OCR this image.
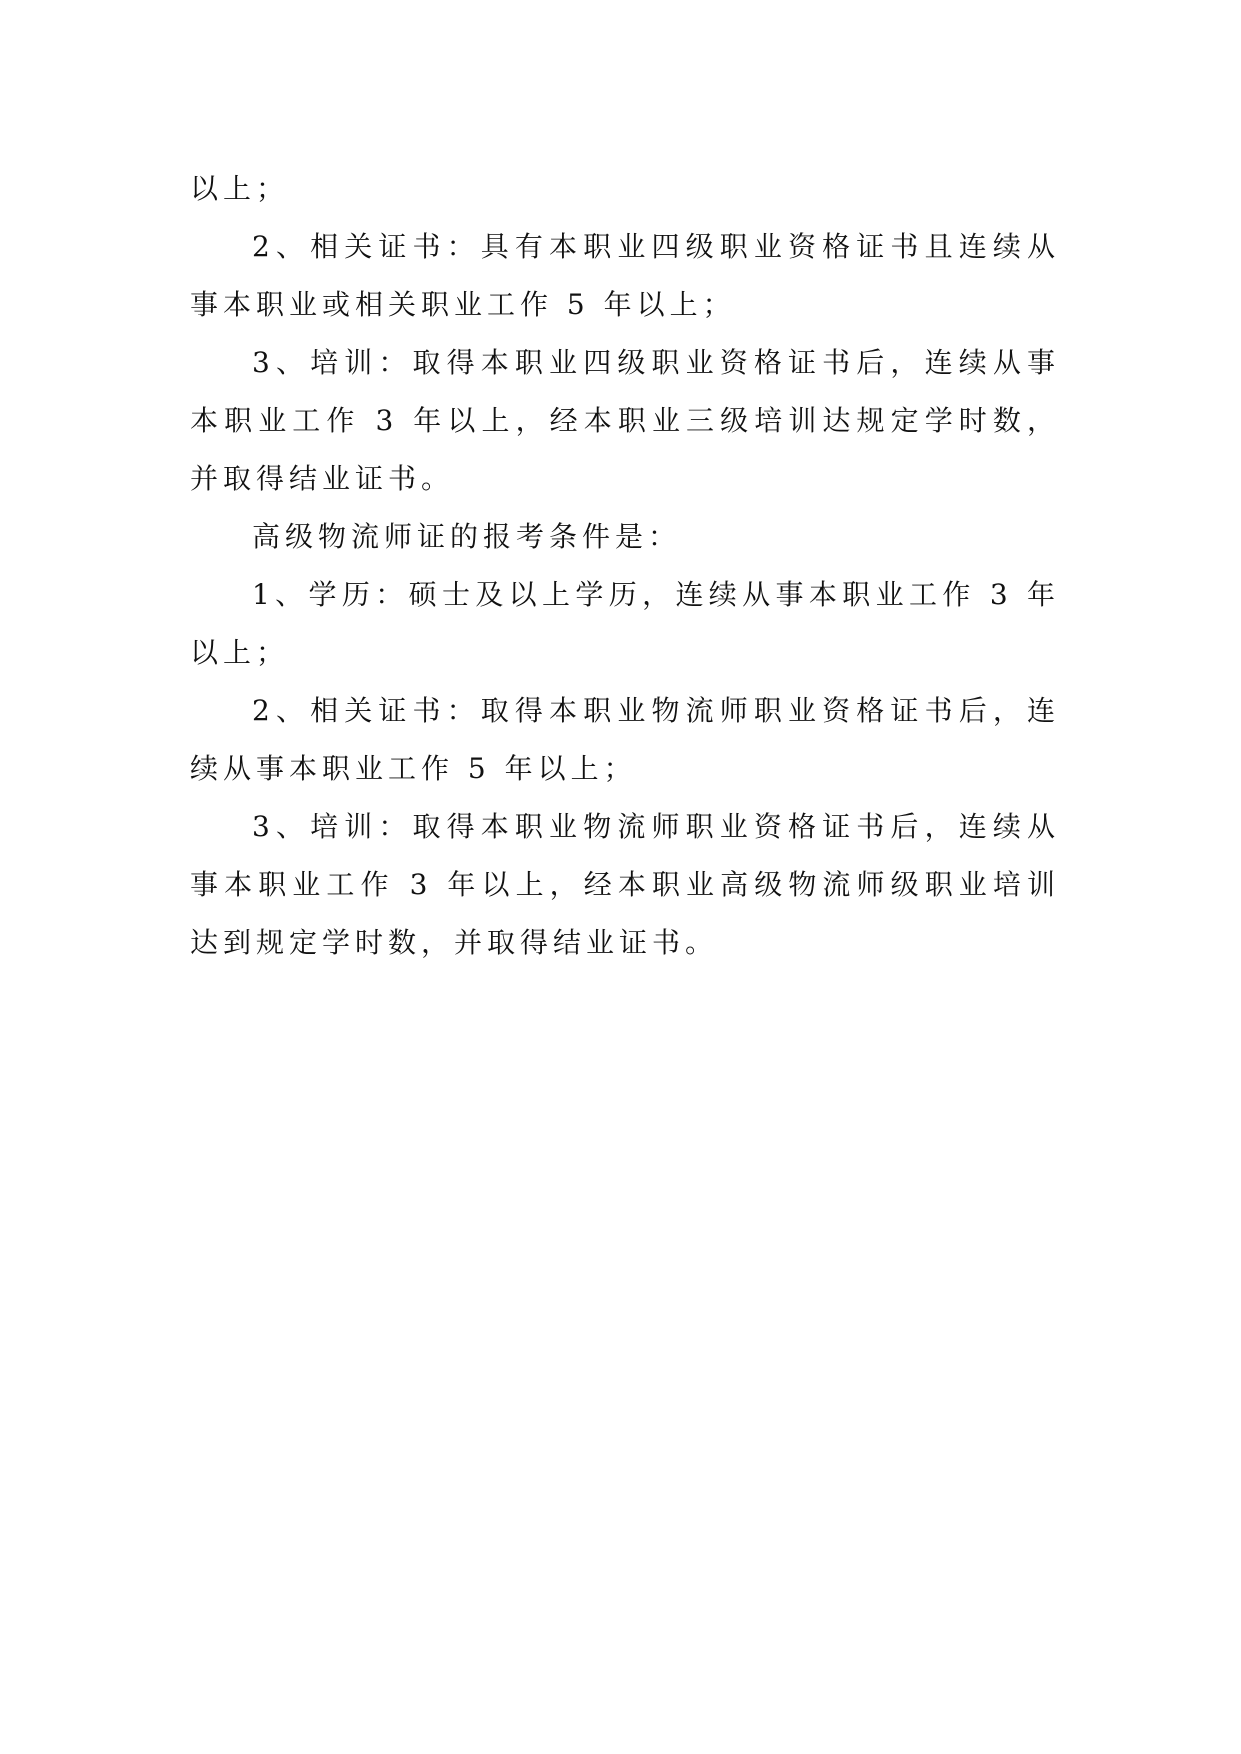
以上；

2、相关证书：具有本职业四级职业资格证书且连续从事本职业或相关职业工作 5 年以上；

3、培训：取得本职业四级职业资格证书后，连续从事本职业工作 3 年以上，经本职业三级培训达规定学时数，并取得结业证书。

高级物流师证的报考条件是：

1、学历：硕士及以上学历，连续从事本职业工作 3 年以上；

2、相关证书：取得本职业物流师职业资格证书后，连续从事本职业工作 5 年以上；

3、培训：取得本职业物流师职业资格证书后，连续从事本职业工作 3 年以上，经本职业高级物流师级职业培训达到规定学时数，并取得结业证书。
